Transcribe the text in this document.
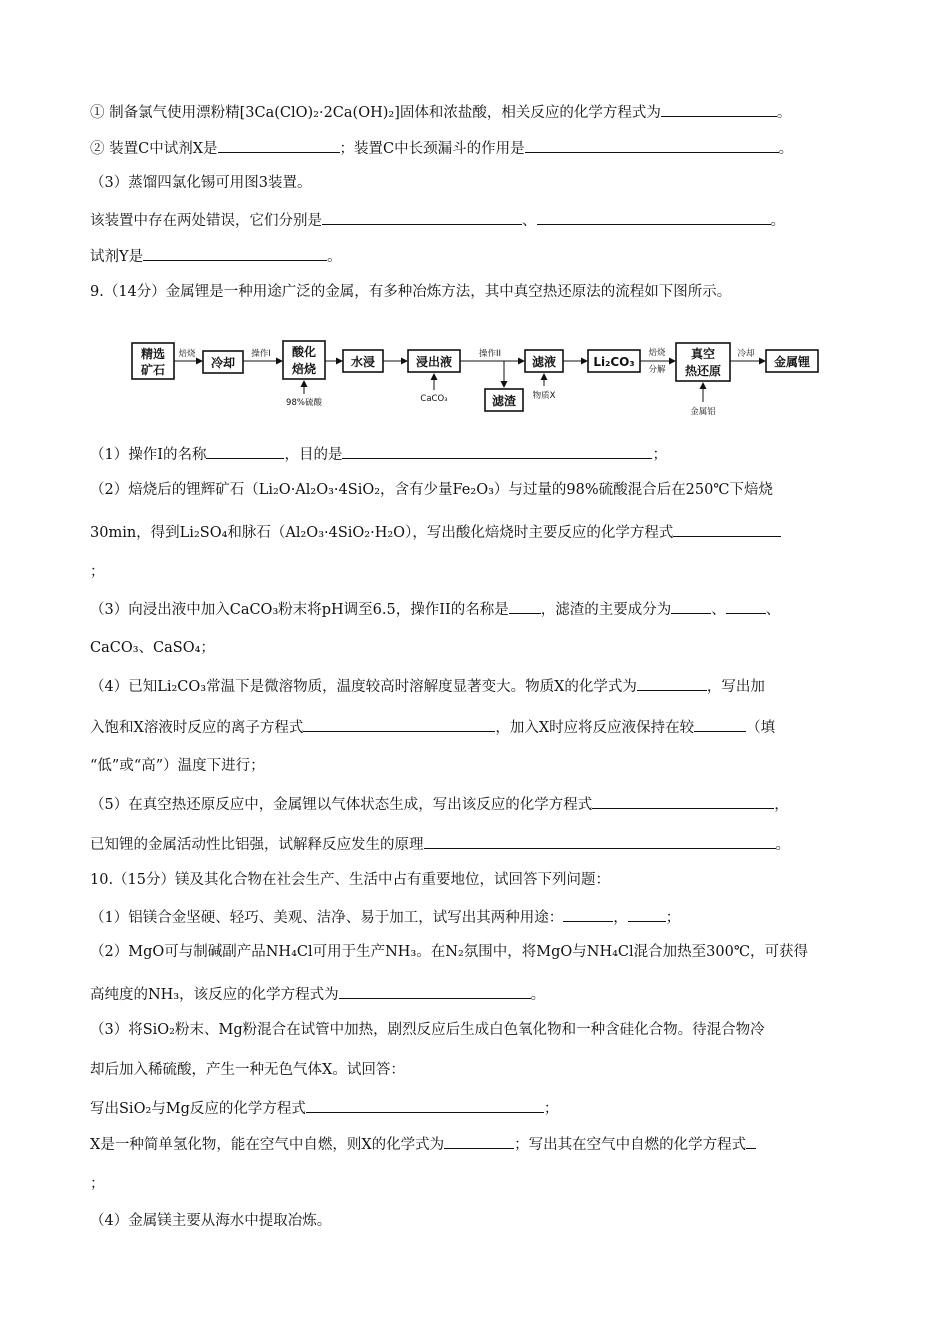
① 制备氯气使用漂粉精[3Ca(ClO)₂·2Ca(OH)₂]固体和浓盐酸，相关反应的化学方程式为	。
② 装置C中试剂X是	；装置C中长颈漏斗的作用是	。
（3）蒸馏四氯化锡可用图3装置。
该装置中存在两处错误，它们分别是	、	。
试剂Y是	。
9.（14分）金属锂是一种用途广泛的金属，有多种冶炼方法，其中真空热还原法的流程如下图所示。
精选
矿石
焙烧
冷却
操作I 酸化
焙烧
98%硫酸
水浸	浸出液
CaCO₃
操作II
滤渣
滤液
物质X
Li₂CO₃
焙烧
分解
真空
热还原
金属铝
冷却
金属锂
（1）操作I的名称	，目的是	；
（2）焙烧后的锂辉矿石（Li₂O·Al₂O₃·4SiO₂，含有少量Fe₂O₃）与过量的98%硫酸混合后在250℃下焙烧
30min，得到Li₂SO₄和脉石（Al₂O₃·4SiO₂·H₂O），写出酸化焙烧时主要反应的化学方程式
；
（3）向浸出液中加入CaCO₃粉末将pH调至6.5，操作II的名称是 ，滤渣的主要成分为	、	、
CaCO₃、CaSO₄；
（4）已知Li₂CO₃常温下是微溶物质，温度较高时溶解度显著变大。物质X的化学式为	，写出加
入饱和X溶液时反应的离子方程式	，加入X时应将反应液保持在较	（填
“低”或“高”）温度下进行；
（5）在真空热还原反应中，金属锂以气体状态生成，写出该反应的化学方程式	，
已知锂的金属活动性比铝强，试解释反应发生的原理	。
10.（15分）镁及其化合物在社会生产、生活中占有重要地位，试回答下列问题：
（1）铝镁合金坚硬、轻巧、美观、洁净、易于加工，试写出其两种用途：	，	；
（2）MgO可与制碱副产品NH₄Cl可用于生产NH₃。在N₂氛围中，将MgO与NH₄Cl混合加热至300℃，可获得
高纯度的NH₃，该反应的化学方程式为	。
（3）将SiO₂粉末、Mg粉混合在试管中加热，剧烈反应后生成白色氧化物和一种含硅化合物。待混合物冷
却后加入稀硫酸，产生一种无色气体X。试回答：
写出SiO₂与Mg反应的化学方程式	；
X是一种简单氢化物，能在空气中自燃，则X的化学式为	；写出其在空气中自燃的化学方程式
；
（4）金属镁主要从海水中提取冶炼。
